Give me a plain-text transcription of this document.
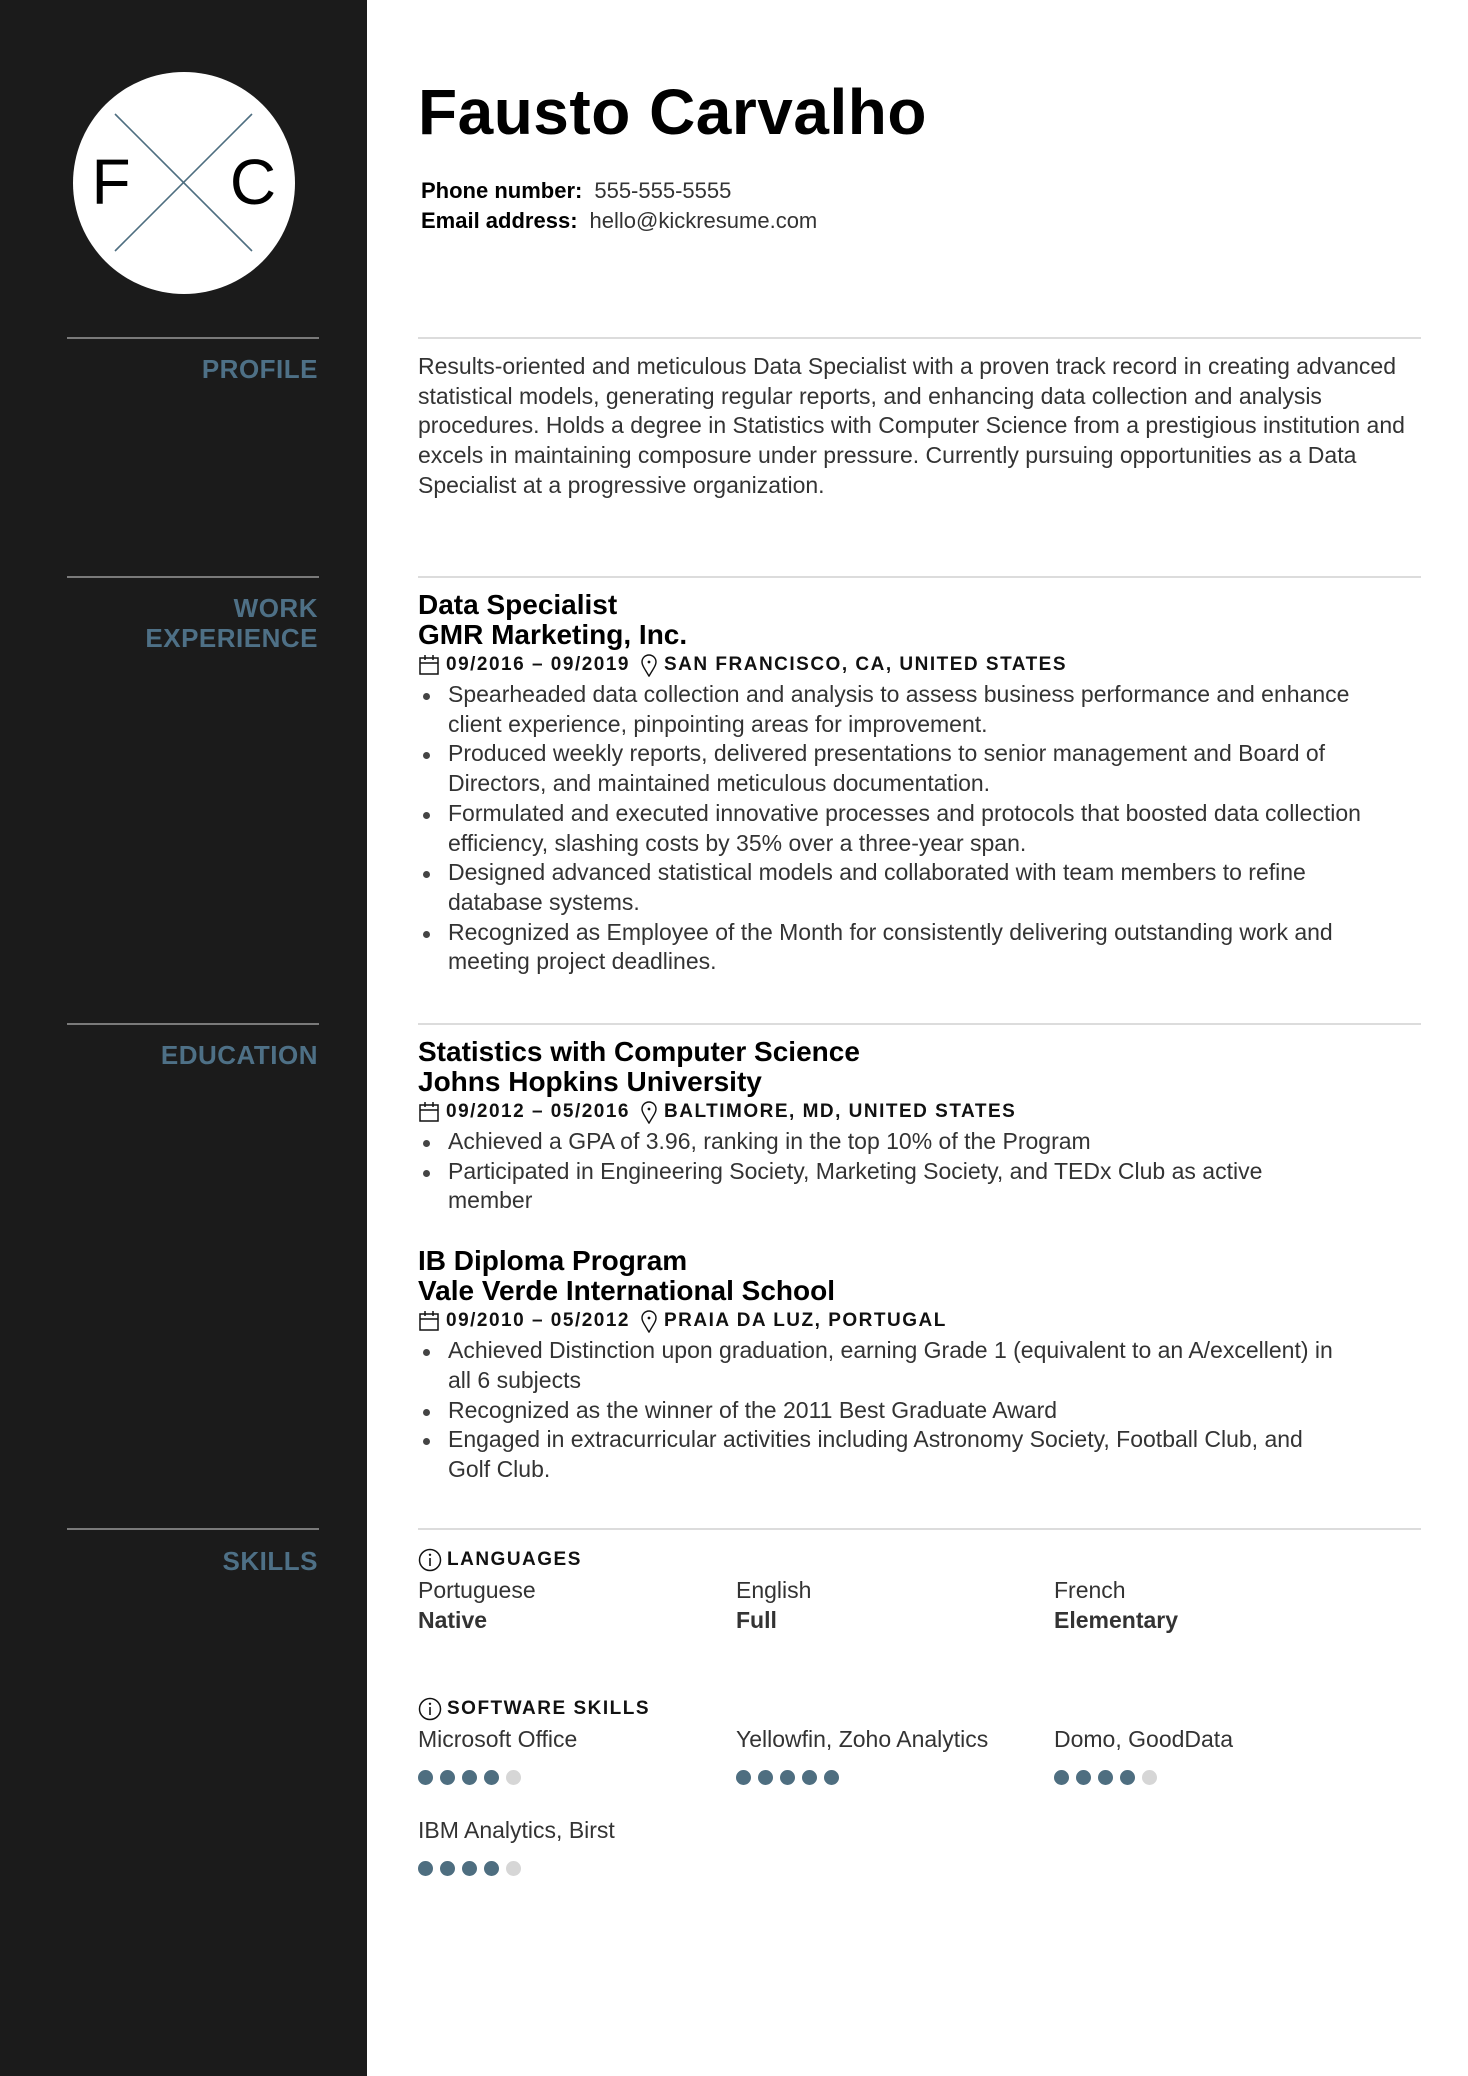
F C
PROFILE
WORK
EXPERIENCE
EDUCATION
SKILLS
Fausto Carvalho
Phone number: 555-555-5555
Email address: hello@kickresume.com

Results-oriented and meticulous Data Specialist with a proven track record in creating advanced statistical models, generating regular reports, and enhancing data collection and analysis procedures. Holds a degree in Statistics with Computer Science from a prestigious institution and excels in maintaining composure under pressure. Currently pursuing opportunities as a Data Specialist at a progressive organization.

Data Specialist

GMR Marketing, Inc.

09/2016 – 09/2019 SAN FRANCISCO, CA, UNITED STATES
Spearheaded data collection and analysis to assess business performance and enhance client experience, pinpointing areas for improvement.
Produced weekly reports, delivered presentations to senior management and Board of Directors, and maintained meticulous documentation.
Formulated and executed innovative processes and protocols that boosted data collection efficiency, slashing costs by 35% over a three-year span.
Designed advanced statistical models and collaborated with team members to refine database systems.
Recognized as Employee of the Month for consistently delivering outstanding work and meeting project deadlines.

Statistics with Computer Science

Johns Hopkins University

09/2012 – 05/2016 BALTIMORE, MD, UNITED STATES
Achieved a GPA of 3.96, ranking in the top 10% of the Program
Participated in Engineering Society, Marketing Society, and TEDx Club as active member

IB Diploma Program

Vale Verde International School

09/2010 – 05/2012 PRAIA DA LUZ, PORTUGAL
Achieved Distinction upon graduation, earning Grade 1 (equivalent to an A/excellent) in all 6 subjects
Recognized as the winner of the 2011 Best Graduate Award
Engaged in extracurricular activities including Astronomy Society, Football Club, and Golf Club.
LANGUAGES
Portuguese
Native
English
Full
French
Elementary
SOFTWARE SKILLS
Microsoft Office	Yellowfin, Zoho Analytics	Domo, GoodData
IBM Analytics, Birst
